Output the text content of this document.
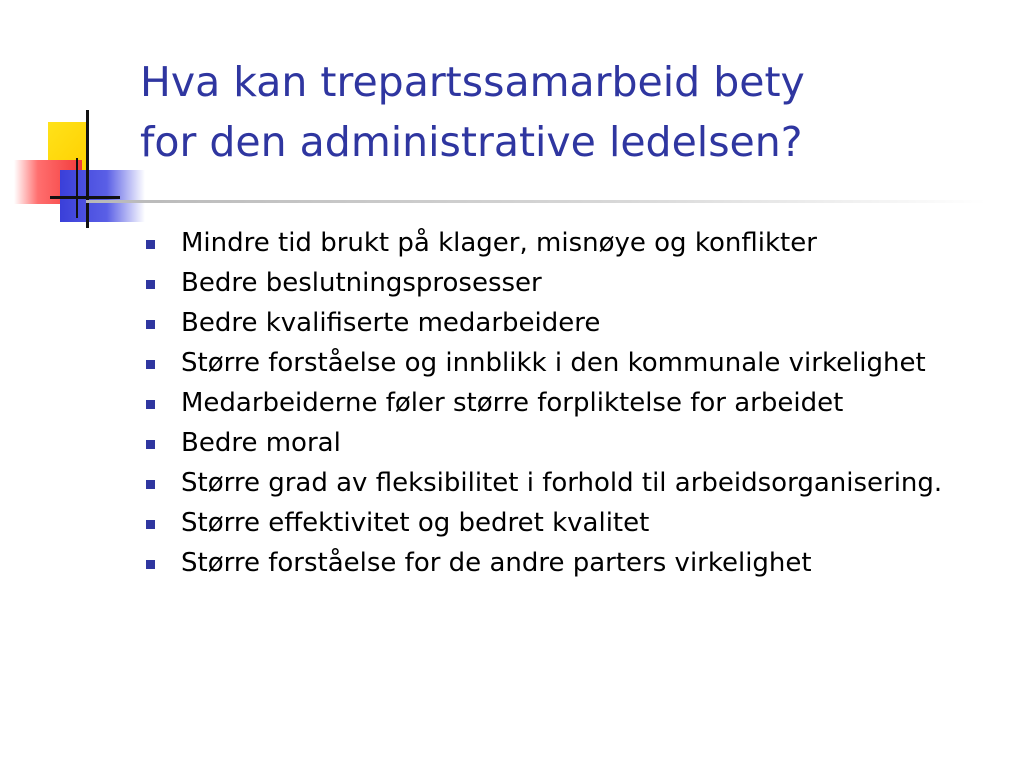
Hva kan trepartssamarbeid bety
for den administrative ledelsen?
Mindre tid brukt på klager, misnøye og konflikter
Bedre beslutningsprosesser
Bedre kvalifiserte medarbeidere
Større forståelse og innblikk i den kommunale virkelighet
Medarbeiderne føler større forpliktelse for arbeidet
Bedre moral
Større grad av fleksibilitet i forhold til arbeidsorganisering.
Større effektivitet og bedret kvalitet
Større forståelse for de andre parters virkelighet
